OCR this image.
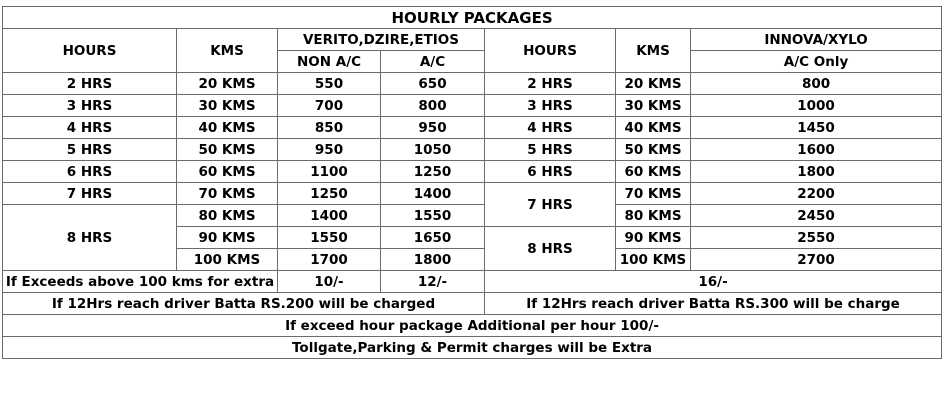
HOURLY PACKAGES						
HOURS	KMS	VERITO,DZIRE,ETIOS		HOURS	KMS	INNOVA/XYLO
		NON A/C	A/C			A/C Only
2 HRS	20 KMS	550	650	2 HRS	20 KMS	800
3 HRS	30 KMS	700	800	3 HRS	30 KMS	1000
4 HRS	40 KMS	850	950	4 HRS	40 KMS	1450
5 HRS	50 KMS	950	1050	5 HRS	50 KMS	1600
6 HRS	60 KMS	1100	1250	6 HRS	60 KMS	1800
7 HRS	70 KMS	1250	1400	7 HRS	70 KMS	2200
8 HRS	80 KMS	1400	1550		80 KMS	2450
	90 KMS	1550	1650	8 HRS	90 KMS	2550
	100 KMS	1700	1800		100 KMS	2700
If Exceeds above 100 kms for extra		10/-	12/-	16/-		
If 12Hrs reach driver Batta RS.200 will be charged				If 12Hrs reach driver Batta RS.300 will be charge		
If exceed hour package Additional per hour 100/-						
Tollgate,Parking & Permit charges will be Extra						
